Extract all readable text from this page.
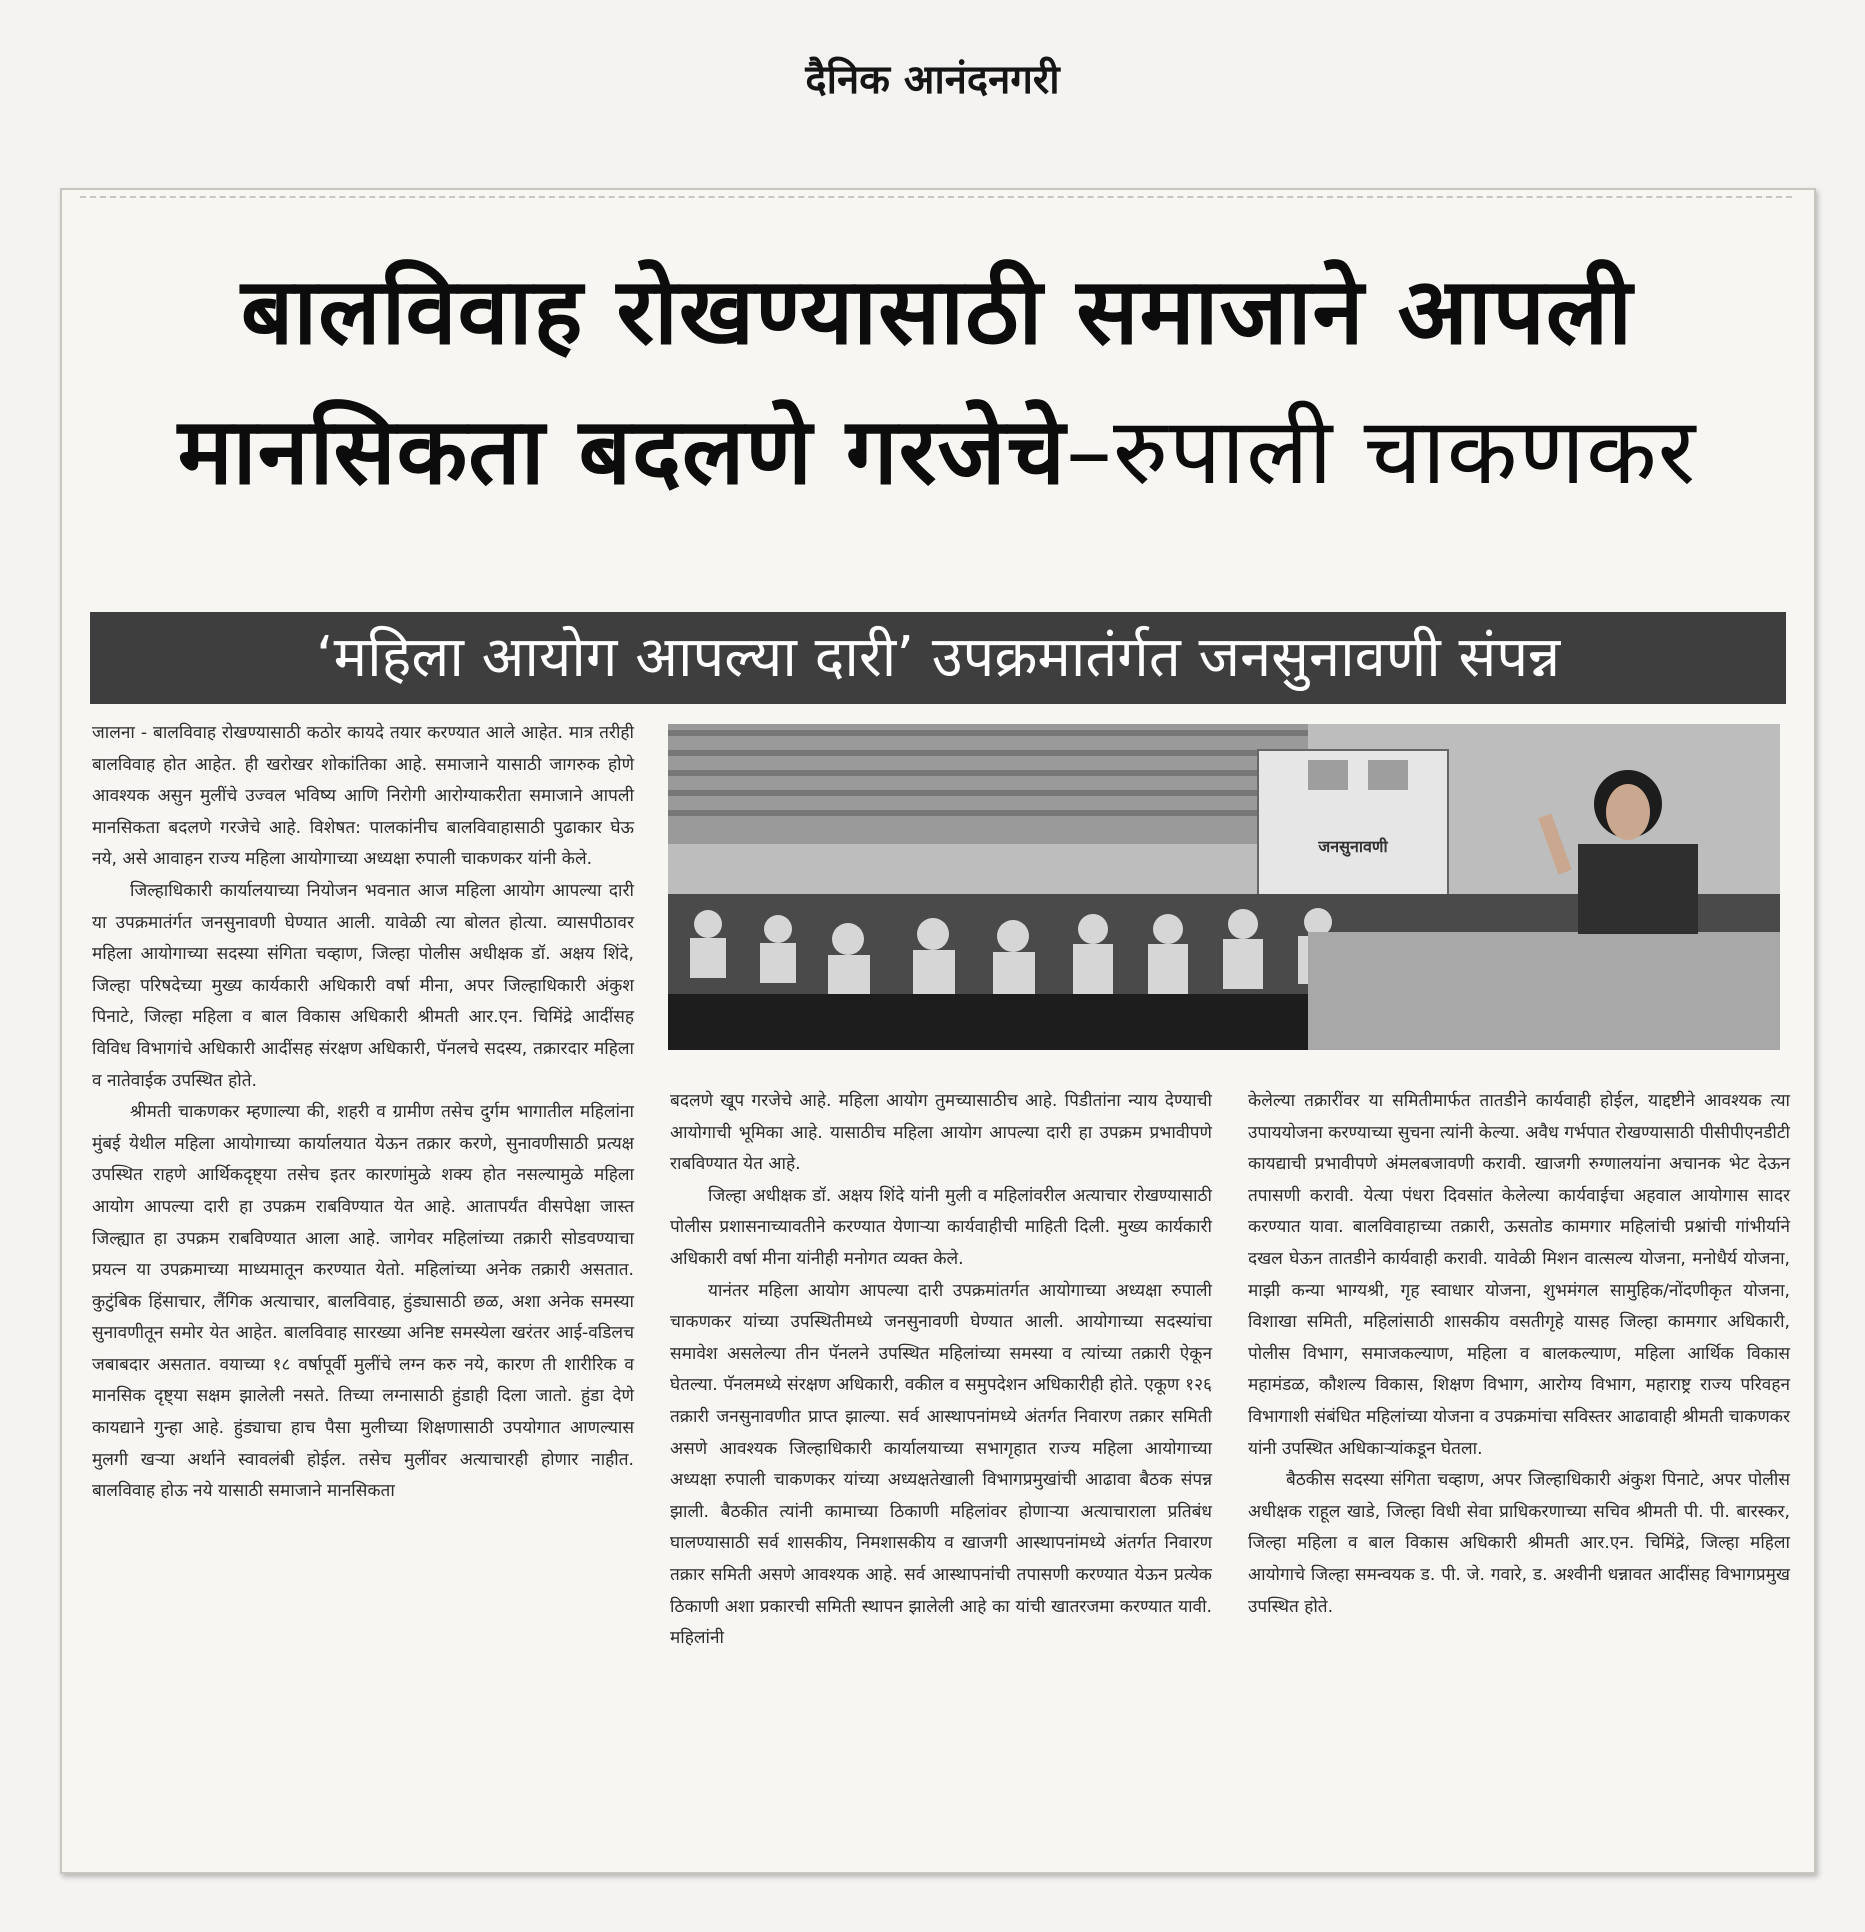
दैनिक आनंदनगरी
बालविवाह रोखण्यासाठी समाजाने आपली
मानसिकता बदलणे गरजेचे–रुपाली चाकणकर
‘महिला आयोग आपल्या दारी’ उपक्रमातंर्गत जनसुनावणी संपन्न

जालना - बालविवाह रोखण्यासाठी कठोर कायदे तयार करण्यात आले आहेत. मात्र तरीही बालविवाह होत आहेत. ही खरोखर शोकांतिका आहे. समाजाने यासाठी जागरुक होणे आवश्यक असुन मुलींचे उज्वल भविष्य आणि निरोगी आरोग्याकरीता समाजाने आपली मानसिकता बदलणे गरजेचे आहे. विशेषत: पालकांनीच बालविवाहासाठी पुढाकार घेऊ नये, असे आवाहन राज्य महिला आयोगाच्या अध्यक्षा रुपाली चाकणकर यांनी केले.

जिल्हाधिकारी कार्यालयाच्या नियोजन भवनात आज महिला आयोग आपल्या दारी या उपक्रमातंर्गत जनसुनावणी घेण्यात आली. यावेळी त्या बोलत होत्या. व्यासपीठावर महिला आयोगाच्या सदस्या संगिता चव्हाण, जिल्हा पोलीस अधीक्षक डॉ. अक्षय शिंदे, जिल्हा परिषदेच्या मुख्य कार्यकारी अधिकारी वर्षा मीना, अपर जिल्हाधिकारी अंकुश पिनाटे, जिल्हा महिला व बाल विकास अधिकारी श्रीमती आर.एन. चिमिंद्रे आदींसह विविध विभागांचे अधिकारी आदींसह संरक्षण अधिकारी, पॅनलचे सदस्य, तक्रारदार महिला व नातेवाईक उपस्थित होते.

श्रीमती चाकणकर म्हणाल्या की, शहरी व ग्रामीण तसेच दुर्गम भागातील महिलांना मुंबई येथील महिला आयोगाच्या कार्यालयात येऊन तक्रार करणे, सुनावणीसाठी प्रत्यक्ष उपस्थित राहणे आर्थिकदृष्ट्या तसेच इतर कारणांमुळे शक्य होत नसल्यामुळे महिला आयोग आपल्या दारी हा उपक्रम राबविण्यात येत आहे. आतापर्यंत वीसपेक्षा जास्त जिल्ह्यात हा उपक्रम राबविण्यात आला आहे. जागेवर महिलांच्या तक्रारी सोडवण्याचा प्रयत्न या उपक्रमाच्या माध्यमातून करण्यात येतो. महिलांच्या अनेक तक्रारी असतात. कुटुंबिक हिंसाचार, लैंगिक अत्याचार, बालविवाह, हुंड्यासाठी छळ, अशा अनेक समस्या सुनावणीतून समोर येत आहेत. बालविवाह सारख्या अनिष्ट समस्येला खरंतर आई-वडिलच जबाबदार असतात. वयाच्या १८ वर्षापूर्वी मुलींचे लग्न करु नये, कारण ती शारीरिक व मानसिक दृष्ट्या सक्षम झालेली नसते. तिच्या लग्नासाठी हुंडाही दिला जातो. हुंडा देणे कायद्याने गुन्हा आहे. हुंड्याचा हाच पैसा मुलीच्या शिक्षणासाठी उपयोगात आणल्यास मुलगी खऱ्या अर्थाने स्वावलंबी होईल. तसेच मुलींवर अत्याचारही होणार नाहीत. बालविवाह होऊ नये यासाठी समाजाने मानसिकता

जनसुनावणी

बदलणे खूप गरजेचे आहे. महिला आयोग तुमच्यासाठीच आहे. पिडीतांना न्याय देण्याची आयोगाची भूमिका आहे. यासाठीच महिला आयोग आपल्या दारी हा उपक्रम प्रभावीपणे राबविण्यात येत आहे.

जिल्हा अधीक्षक डॉ. अक्षय शिंदे यांनी मुली व महिलांवरील अत्याचार रोखण्यासाठी पोलीस प्रशासनाच्यावतीने करण्यात येणाऱ्या कार्यवाहीची माहिती दिली. मुख्य कार्यकारी अधिकारी वर्षा मीना यांनीही मनोगत व्यक्त केले.

यानंतर महिला आयोग आपल्या दारी उपक्रमांतर्गत आयोगाच्या अध्यक्षा रुपाली चाकणकर यांच्या उपस्थितीमध्ये जनसुनावणी घेण्यात आली. आयोगाच्या सदस्यांचा समावेश असलेल्या तीन पॅनलने उपस्थित महिलांच्या समस्या व त्यांच्या तक्रारी ऐकून घेतल्या. पॅनलमध्ये संरक्षण अधिकारी, वकील व समुपदेशन अधिकारीही होते. एकूण १२६ तक्रारी जनसुनावणीत प्राप्त झाल्या. सर्व आस्थापनांमध्ये अंतर्गत निवारण तक्रार समिती असणे आवश्यक जिल्हाधिकारी कार्यालयाच्या सभागृहात राज्य महिला आयोगाच्या अध्यक्षा रुपाली चाकणकर यांच्या अध्यक्षतेखाली विभागप्रमुखांची आढावा बैठक संपन्न झाली. बैठकीत त्यांनी कामाच्या ठिकाणी महिलांवर होणाऱ्या अत्याचाराला प्रतिबंध घालण्यासाठी सर्व शासकीय, निमशासकीय व खाजगी आस्थापनांमध्ये अंतर्गत निवारण तक्रार समिती असणे आवश्यक आहे. सर्व आस्थापनांची तपासणी करण्यात येऊन प्रत्येक ठिकाणी अशा प्रकारची समिती स्थापन झालेली आहे का यांची खातरजमा करण्यात यावी. महिलांनी

केलेल्या तक्रारींवर या समितीमार्फत तातडीने कार्यवाही होईल, याद्दष्टीने आवश्यक त्या उपाययोजना करण्याच्या सुचना त्यांनी केल्या. अवैध गर्भपात रोखण्यासाठी पीसीपीएनडीटी कायद्याची प्रभावीपणे अंमलबजावणी करावी. खाजगी रुग्णालयांना अचानक भेट देऊन तपासणी करावी. येत्या पंधरा दिवसांत केलेल्या कार्यवाईचा अहवाल आयोगास सादर करण्यात यावा. बालविवाहाच्या तक्रारी, ऊसतोड कामगार महिलांची प्रश्नांची गांभीर्याने दखल घेऊन तातडीने कार्यवाही करावी. यावेळी मिशन वात्सल्य योजना, मनोधैर्य योजना, माझी कन्या भाग्यश्री, गृह स्वाधार योजना, शुभमंगल सामुहिक/नोंदणीकृत योजना, विशाखा समिती, महिलांसाठी शासकीय वसतीगृहे यासह जिल्हा कामगार अधिकारी, पोलीस विभाग, समाजकल्याण, महिला व बालकल्याण, महिला आर्थिक विकास महामंडळ, कौशल्य विकास, शिक्षण विभाग, आरोग्य विभाग, महाराष्ट्र राज्य परिवहन विभागाशी संबंधित महिलांच्या योजना व उपक्रमांचा सविस्तर आढावाही श्रीमती चाकणकर यांनी उपस्थित अधिकाऱ्यांकडून घेतला.

बैठकीस सदस्या संगिता चव्हाण, अपर जिल्हाधिकारी अंकुश पिनाटे, अपर पोलीस अधीक्षक राहूल खाडे, जिल्हा विधी सेवा प्राधिकरणाच्या सचिव श्रीमती पी. पी. बारस्कर, जिल्हा महिला व बाल विकास अधिकारी श्रीमती आर.एन. चिमिंद्रे, जिल्हा महिला आयोगाचे जिल्हा समन्वयक ड. पी. जे. गवारे, ड. अश्वीनी धन्नावत आदींसह विभागप्रमुख उपस्थित होते.
